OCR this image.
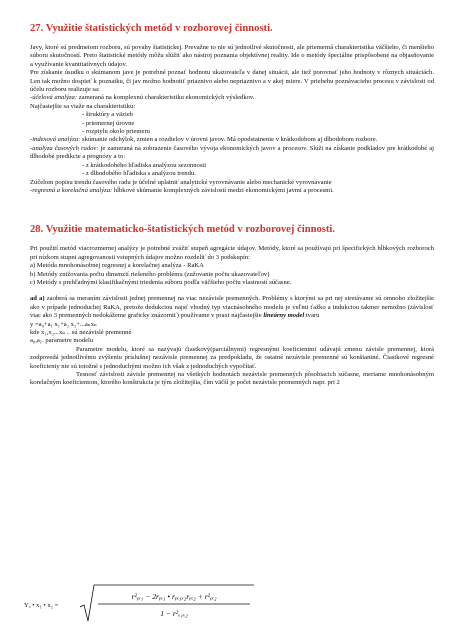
27. Využitie štatistických metód v rozborovej činnosti.

Javy, ktoré sú predmetom rozboru, sú povahy štatistickej. Prevažne to nie sú jednotlivé skutočnosti, ale priemerná charakteristika väčšieho, či menšieho súboru skutočností. Preto štatistické metódy môžu slúžiť ako nástroj poznania objektívnej reality. Ide o metódy špeciálne prispôsobené na objasňovanie a využívanie kvantitatívnych údajov.

Pre získanie úsudku o skúmanom jave je potrebné poznať hodnotu ukazovateľa v danej situácii, ale tiež porovnať jeho hodnoty v rôznych situáciách. Len tak možno dospieť k poznatku, či jav možno hodnotiť priaznivo alebo nepriaznivo a v akej miere. V priebehu poznávacieho procesu v závislosti od účelu rozboru realizuje sa:

-účelová analýza: zameraná na komplexnú charakteristiku ekonomických výsledkov.

Najčastejšie sa viaže na charakteristiku:

- štruktúry a väzieb

- priemernej úrovne

- rozptylu okolo priemeru

-indexová analýza: skúmanie odchýlok, zmien a rozdielov v úrovni javov. Má opodstatnenie v krátkodobom aj dlhodobom rozbore.

-analýza časových radov: je zameraná na zobrazenie časového vývoja ekonomických javov a procesov. Slúži na získanie podkladov pre krátkodobé aj dlhodobé predikcie a prognózy a to:

- z krátkodobého hľadiska analýzou sezonnosti

- z dlhodobého hľadiska s analýzou trendu.

Zúčelom popisu trendu časového radu je účelné uplatniť analytické vyrovnávanie alebo mechanické vyrovnávanie

-regresná a korelačná analýza: hĺbkové skúmanie komplexných závislostí medzi ekonomickými javmi a procesmi.

28. Využitie matematicko-štatistických metód v rozborovej činnosti.

Pri použití metód viacrozmernej analýzy je potrebné zvážiť stupeň agregácie údajov. Metódy, ktoré sa používajú pri špecifických hĺbkových rozboroch pri nízkom stupni agregovanosti vstupných údajov možno rozdeliť do 3 podskupín:

a) Metóda mnohonásobnej regresnej a korelačnej analýza - RaKA

b) Metódy znižovania počtu dimenzií riešeného problému (zužovanie počtu ukazovateľov)

c) Metódy s prehľadnými klasifikačnými triedenia súboru podľa väčšieho počtu vlastností súčasne.

ad a) zaoberá sa meraním závislosti jednej premennej na viac nezávisle premenných. Problémy s ktorými sa pri nej stretávame sú omnoho zložitejšie ako v prípade jednoduchej RaKA, pretože dedukciou najsť vhodný typ viacnásobného modelu je veľmi ťažko a indukciou takmer nemožno (závislosť viac ako 3 premenných nedokážeme graficky znázorniť) používame v praxi najčastejšie lineárny model tvaru

y =a₀+a₁ x₁+a₂ x₂+...aₙxₙ

kde x₁,x₂...xₙ .. sú nezávislé premenné

a₀,a₁. parametre modelu

Parametre modelu, ktoré sa nazývajú čiastkový(parciálnymi) regresnými koeficientmi udávajú zmenu závisle premennej, ktorá zodpovedá jednotlivému zvýšeniu príslušnej nezávisle premennej za predpokladu, že ostatné nezávisle premenné sú konštantné. Čiastkové regresné koeficienty nie sú totožné s jednoduchými možno ich však z jednoduchých vypočítať.

Tesnosť závislosti závisle premennej na všetkých hodnotách nezávisle premenných pôsobiacich súčasne, meriame mnohonásobným korelačným koeficientom, ktorého konštrukcia je tým zložitejšia, čím väčší je počet nezávisle premenných napr. pri 2

Yₐ • x₁ • x₂ =
r²ᵧₓ₁ − 2rᵧₓ₁ • rᵧₓ₁ₓ₂rᵧₓ₂ + r²ᵧₓ₂
1 − r²ₓ₁ₓ₂
